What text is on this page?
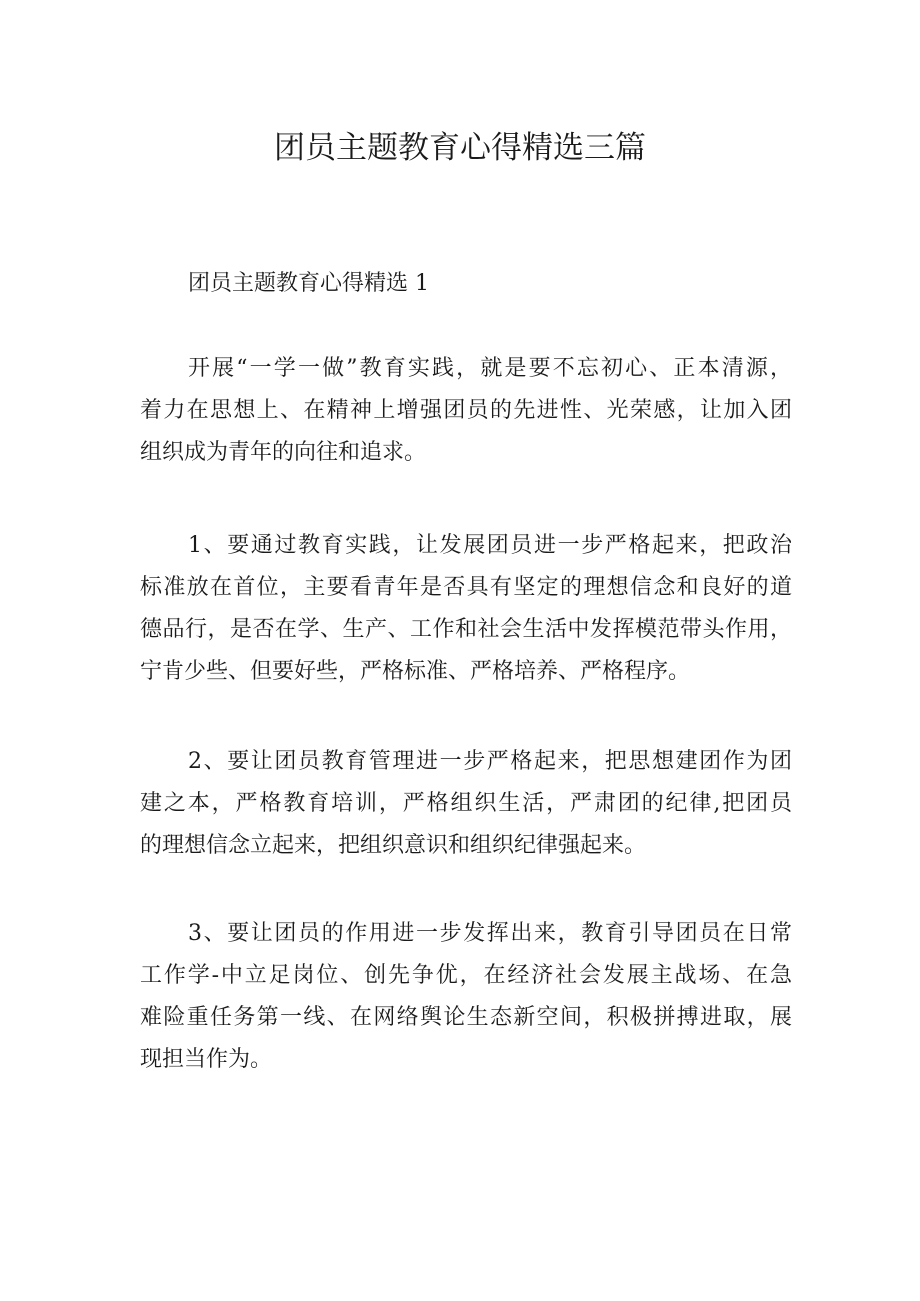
团员主题教育心得精选三篇

团员主题教育心得精选 1

开展“一学一做”教育实践，就是要不忘初心、正本清源，
着力在思想上、在精神上增强团员的先进性、光荣感，让加入团
组织成为青年的向往和追求。

1、要通过教育实践，让发展团员进一步严格起来，把政治
标准放在首位，主要看青年是否具有坚定的理想信念和良好的道
德品行，是否在学、生产、工作和社会生活中发挥模范带头作用，
宁肯少些、但要好些，严格标准、严格培养、严格程序。

2、要让团员教育管理进一步严格起来，把思想建团作为团
建之本，严格教育培训，严格组织生活，严肃团的纪律,把团员
的理想信念立起来，把组织意识和组织纪律强起来。

3、要让团员的作用进一步发挥出来，教育引导团员在日常
工作学-中立足岗位、创先争优，在经济社会发展主战场、在急
难险重任务第一线、在网络舆论生态新空间，积极拼搏进取，展
现担当作为。
